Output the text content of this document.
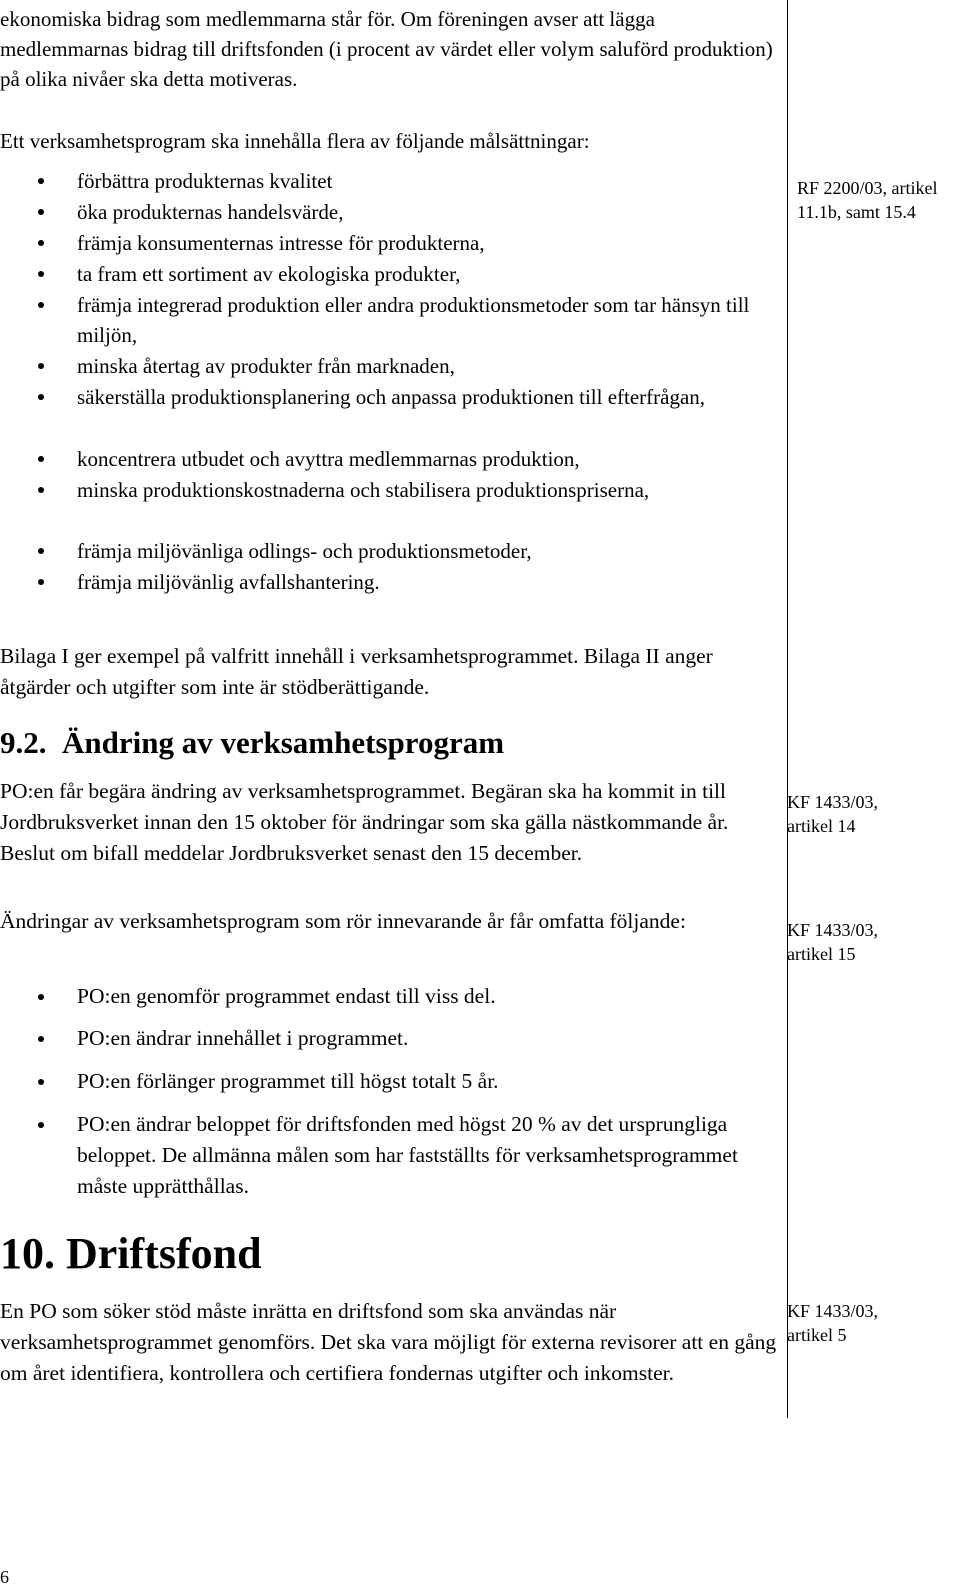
ekonomiska bidrag som medlemmarna står för. Om föreningen avser att lägga medlemmarnas bidrag till driftsfonden (i procent av värdet eller volym saluförd produktion) på olika nivåer ska detta motiveras.

Ett verksamhetsprogram ska innehålla flera av följande målsättningar:

förbättra produkternas kvalitet
öka produkternas handelsvärde,
främja konsumenternas intresse för produkterna,
ta fram ett sortiment av ekologiska produkter,
främja integrerad produktion eller andra produktionsmetoder som tar hänsyn till miljön,
minska återtag av produkter från marknaden,
säkerställa produktionsplanering och anpassa produktionen till efterfrågan,
koncentrera utbudet och avyttra medlemmarnas produktion,
minska produktionskostnaderna och stabilisera produktionspriserna,
främja miljövänliga odlings- och produktionsmetoder,
främja miljövänlig avfallshantering.
RF 2200/03, artikel 11.1b, samt 15.4

Bilaga I ger exempel på valfritt innehåll i verksamhetsprogrammet. Bilaga II anger åtgärder och utgifter som inte är stödberättigande.

9.2.  Ändring av verksamhetsprogram

PO:en får begära ändring av verksamhetsprogrammet. Begäran ska ha kommit in till Jordbruksverket innan den 15 oktober för ändringar som ska gälla nästkommande år. Beslut om bifall meddelar Jordbruksverket senast den 15 december.

KF 1433/03, artikel 14

Ändringar av verksamhetsprogram som rör innevarande år får omfatta följande:	KF 1433/03, artikel 15
PO:en genomför programmet endast till viss del.
PO:en ändrar innehållet i programmet.
PO:en förlänger programmet till högst totalt 5 år.
PO:en ändrar beloppet för driftsfonden med högst 20 % av det ursprungliga beloppet. De allmänna målen som har fastställts för verksamhetsprogrammet måste upprätthållas.
10. Driftsfond

En PO som söker stöd måste inrätta en driftsfond som ska användas när verksamhetsprogrammet genomförs. Det ska vara möjligt för externa revisorer att en gång om året identifiera, kontrollera och certifiera fondernas utgifter och inkomster.

KF 1433/03, artikel 5
6
